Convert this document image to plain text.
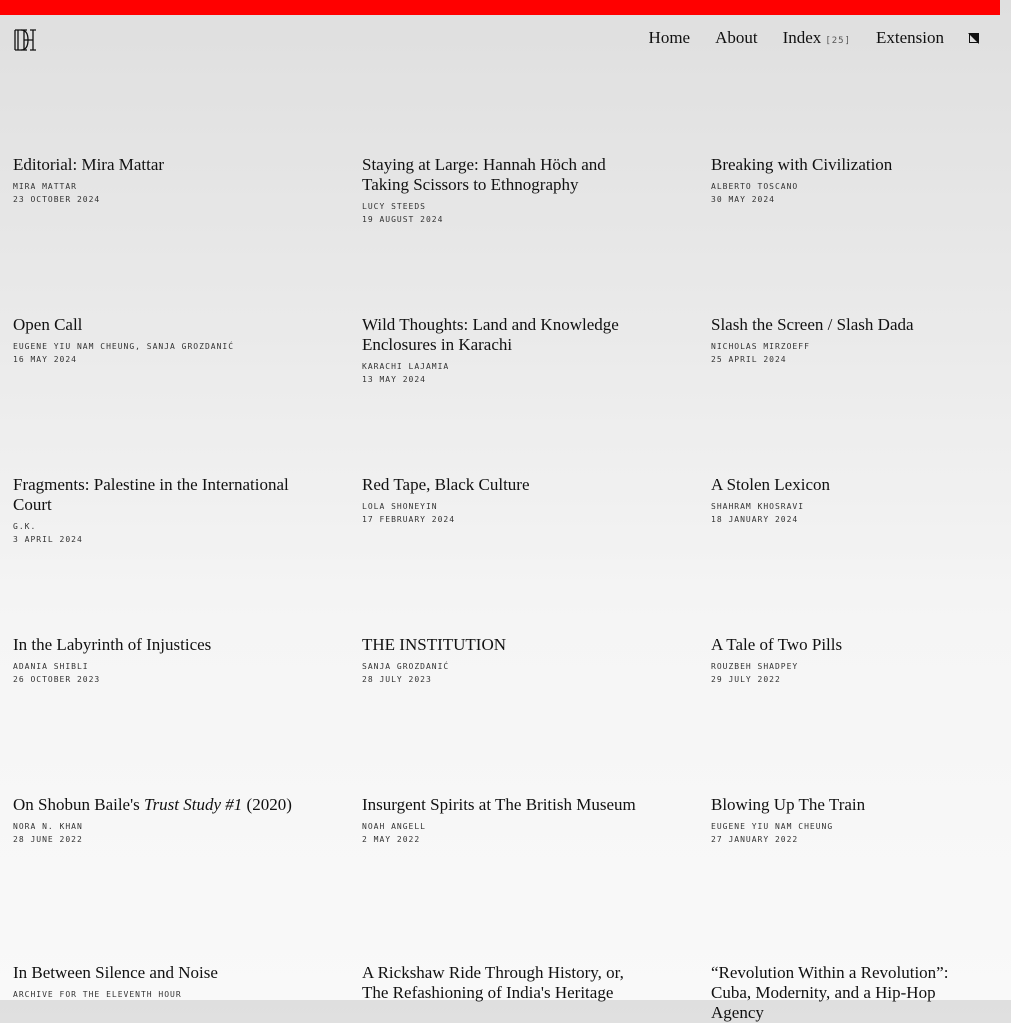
Home About Index [25] Extension
Editorial: Mira Mattar
MIRA MATTAR
23 OCTOBER 2024
Staying at Large: Hannah Höch and Taking Scissors to Ethnography
LUCY STEEDS
19 AUGUST 2024
Breaking with Civilization
ALBERTO TOSCANO
30 MAY 2024
Open Call
EUGENE YIU NAM CHEUNG, SANJA GROZDANIĆ
16 MAY 2024
Wild Thoughts: Land and Knowledge Enclosures in Karachi
KARACHI LAJAMIA
13 MAY 2024
Slash the Screen / Slash Dada
NICHOLAS MIRZOEFF
25 APRIL 2024
Fragments: Palestine in the International Court
G.K.
3 APRIL 2024
Red Tape, Black Culture
LOLA SHONEYIN
17 FEBRUARY 2024
A Stolen Lexicon
SHAHRAM KHOSRAVI
18 JANUARY 2024
In the Labyrinth of Injustices
ADANIA SHIBLI
26 OCTOBER 2023
THE INSTITUTION
SANJA GROZDANIĆ
28 JULY 2023
A Tale of Two Pills
ROUZBEH SHADPEY
29 JULY 2022
On Shobun Baile's Trust Study #1 (2020)
NORA N. KHAN
28 JUNE 2022
Insurgent Spirits at The British Museum
NOAH ANGELL
2 MAY 2022
Blowing Up The Train
EUGENE YIU NAM CHEUNG
27 JANUARY 2022
In Between Silence and Noise
ARCHIVE FOR THE ELEVENTH HOUR
A Rickshaw Ride Through History, or, The Refashioning of India's Heritage
“Revolution Within a Revolution”: Cuba, Modernity, and a Hip-Hop Agency
